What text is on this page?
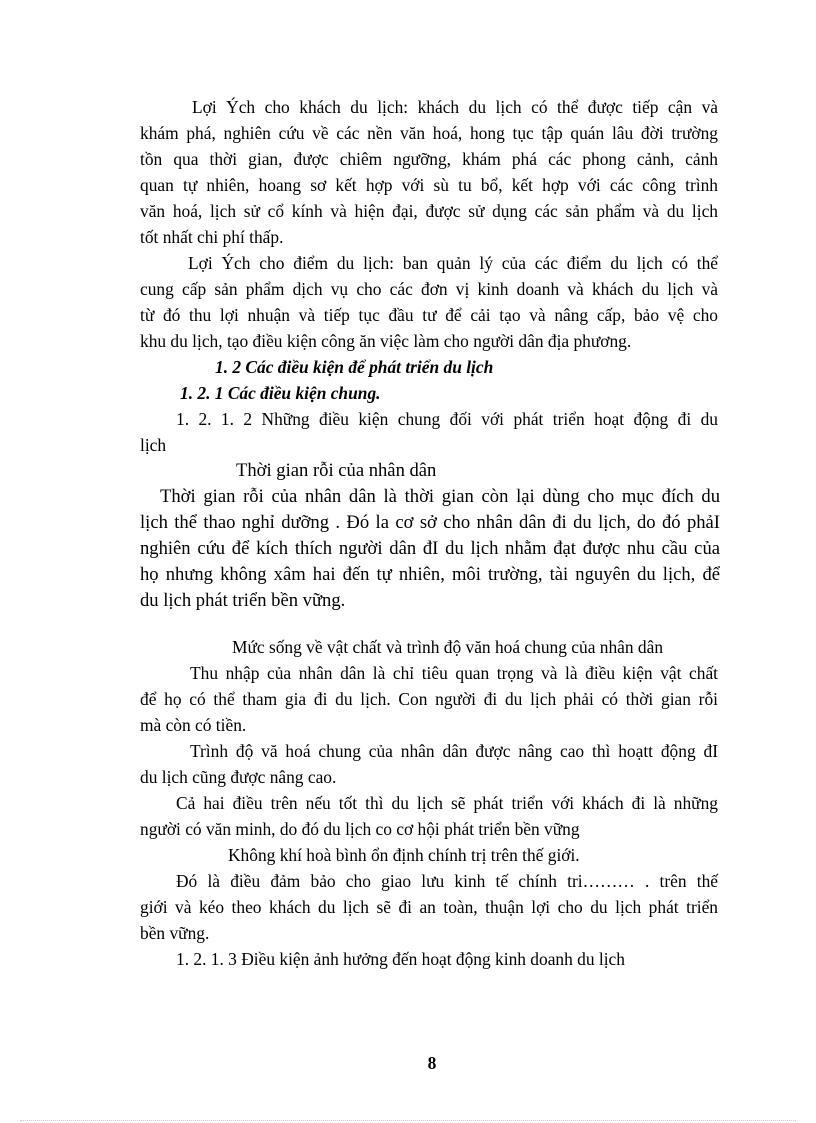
Lợi Ých cho khách du lịch: khách du lịch có thể được tiếp cận và
khám phá, nghiên cứu về các nền văn hoá, hong tục tập quán lâu đời trường
tồn qua thời gian, được chiêm ngưỡng, khám phá các phong cảnh, cảnh
quan tự nhiên, hoang sơ kết hợp với sù tu bổ, kết hợp với các công trình
văn hoá, lịch sử cổ kính và hiện đại, được sử dụng các sản phẩm và du lịch
tốt nhất chi phí thấp.
Lợi Ých cho điểm du lịch: ban quản lý của các điểm du lịch có thể
cung cấp sản phẩm dịch vụ cho các đơn vị kinh doanh và khách du lịch và
từ đó thu lợi nhuận và tiếp tục đầu tư để cải tạo và nâng cấp, bảo vệ cho
khu du lịch, tạo điều kiện công ăn việc làm cho người dân địa phương.
1. 2 Các điều kiện để phát triển du lịch
1. 2. 1 Các điều kiện chung.
1. 2. 1. 2 Những điều kiện chung đối với phát triển hoạt động đi du
lịch
Thời gian rỗi của nhân dân
Thời gian rỗi của nhân dân là thời gian còn lại dùng cho mục đích du
lịch thể thao nghỉ dưỡng . Đó la cơ sở cho nhân dân đi du lịch, do đó phảI
nghiên cứu để kích thích người dân đI du lịch nhằm đạt được nhu cầu của
họ nhưng không xâm hai đến tự nhiên, môi trường, tài nguyên du lịch, để
du lịch phát triển bền vững.
Mức sống về vật chất và trình độ văn hoá chung của nhân dân
Thu nhập của nhân dân là chỉ tiêu quan trọng và là điều kiện vật chất
để họ có thể tham gia đi du lịch. Con người đi du lịch phải có thời gian rỗi
mà còn có tiền.
Trình độ vă hoá chung của nhân dân được nâng cao thì hoạtt động đI
du lịch cũng được nâng cao.
Cả hai điều trên nếu tốt thì du lịch sẽ phát triển với khách đi là những
người có văn minh, do đó du lịch co cơ hội phát triển bền vững
Không khí hoà bình ổn định chính trị trên thế giới.
Đó là điều đảm bảo cho giao lưu kinh tế chính tri……… . trên thế
giới và kéo theo khách du lịch sẽ đi an toàn, thuận lợi cho du lịch phát triển
bền vững.
1. 2. 1. 3 Điều kiện ảnh hưởng đến hoạt động kinh doanh du lịch
8
